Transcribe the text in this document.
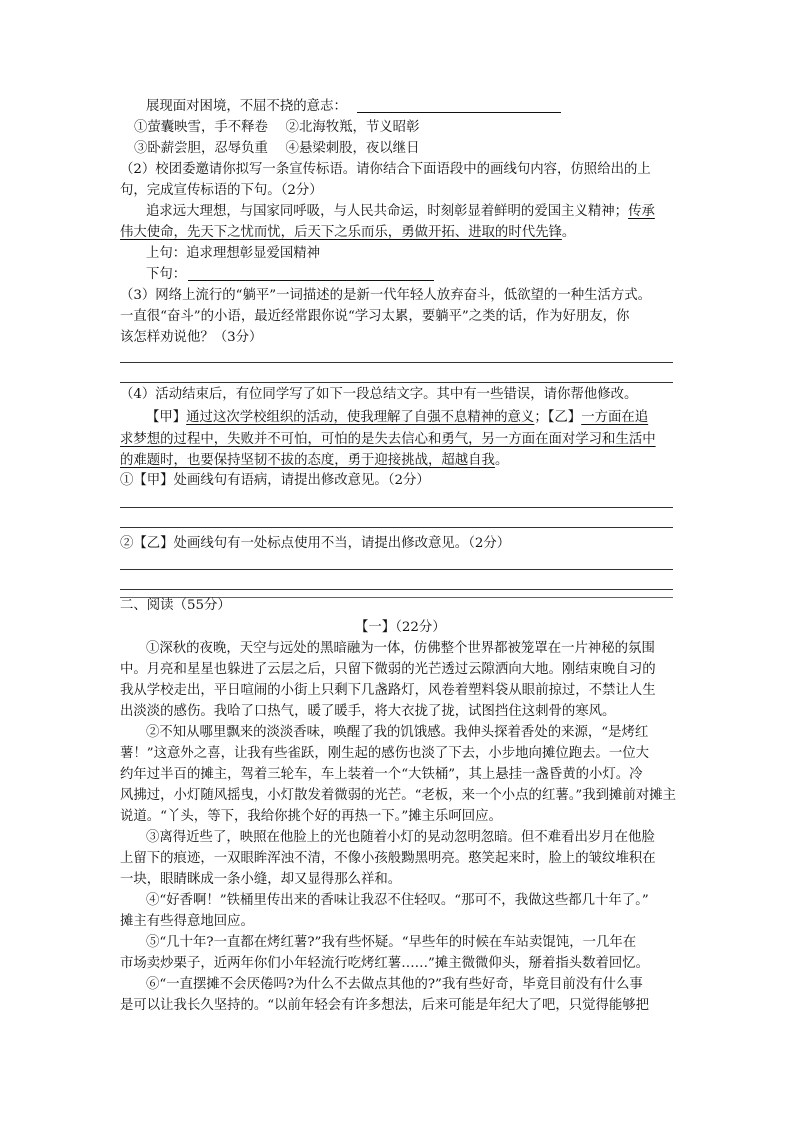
展现面对困境，不屈不挠的意志：
①萤囊映雪，手不释卷　 ②北海牧羝，节义昭彰
③卧薪尝胆，忍辱负重　 ④悬梁刺股，夜以继日
（2）校团委邀请你拟写一条宣传标语。请你结合下面语段中的画线句内容，仿照给出的上
句，完成宣传标语的下句。（2分）
追求远大理想，与国家同呼吸，与人民共命运，时刻彰显着鲜明的爱国主义精神；传承
伟大使命，先天下之忧而忧，后天下之乐而乐，勇做开拓、进取的时代先锋。
上句：追求理想彰显爱国精神
下句：
（3）网络上流行的“躺平”一词描述的是新一代年轻人放弃奋斗，低欲望的一种生活方式。
一直很“奋斗”的小语，最近经常跟你说“学习太累，要躺平”之类的话，作为好朋友，你
该怎样劝说他？（3分）
（4）活动结束后，有位同学写了如下一段总结文字。其中有一些错误，请你帮他修改。
【甲】通过这次学校组织的活动，使我理解了自强不息精神的意义；【乙】一方面在追
求梦想的过程中，失败并不可怕，可怕的是失去信心和勇气，另一方面在面对学习和生活中
的难题时，也要保持坚韧不拔的态度，勇于迎接挑战，超越自我。
①【甲】处画线句有语病，请提出修改意见。（2分）
②【乙】处画线句有一处标点使用不当，请提出修改意见。（2分）
二、阅读（55分）
【一】（22分）
①深秋的夜晚，天空与远处的黑暗融为一体，仿佛整个世界都被笼罩在一片神秘的氛围
中。月亮和星星也躲进了云层之后，只留下微弱的光芒透过云隙洒向大地。刚结束晚自习的
我从学校走出，平日喧闹的小街上只剩下几盏路灯，风卷着塑料袋从眼前掠过，不禁让人生
出淡淡的感伤。我哈了口热气，暖了暖手，将大衣拢了拢，试图挡住这刺骨的寒风。
②不知从哪里飘来的淡淡香味，唤醒了我的饥饿感。我伸头探着香处的来源，“是烤红
薯！”这意外之喜，让我有些雀跃，刚生起的感伤也淡了下去，小步地向摊位跑去。一位大
约年过半百的摊主，驾着三轮车，车上装着一个“大铁桶”，其上悬挂一盏昏黄的小灯。冷
风拂过，小灯随风摇曳，小灯散发着微弱的光芒。“老板，来一个小点的红薯。”我到摊前对摊主
说道。“丫头，等下，我给你挑个好的再热一下。”摊主乐呵回应。
③离得近些了，映照在他脸上的光也随着小灯的晃动忽明忽暗。但不难看出岁月在他脸
上留下的痕迹，一双眼眸浑浊不清，不像小孩般黝黑明亮。憨笑起来时，脸上的皱纹堆积在
一块，眼睛眯成一条小缝，却又显得那么祥和。
④“好香啊！”铁桶里传出来的香味让我忍不住轻叹。“那可不，我做这些都几十年了。”
摊主有些得意地回应。
⑤“几十年?一直都在烤红薯?”我有些怀疑。“早些年的时候在车站卖馄饨，一几年在
市场卖炒栗子，近两年你们小年轻流行吃烤红薯……”摊主微微仰头，掰着指头数着回忆。
⑥“一直摆摊不会厌倦吗?为什么不去做点其他的?”我有些好奇，毕竟目前没有什么事
是可以让我长久坚持的。“以前年轻会有许多想法，后来可能是年纪大了吧，只觉得能够把
